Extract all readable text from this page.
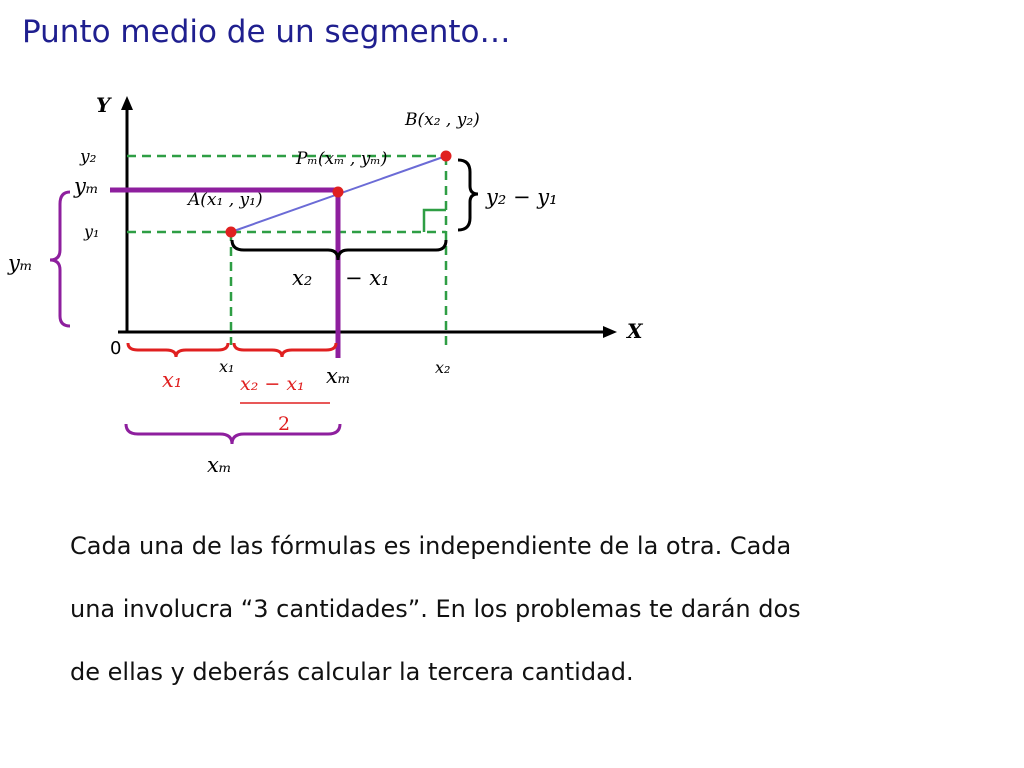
Punto medio de un segmento…
Y
X
0
B(x₂ , y₂)
Pₘ(xₘ , yₘ)
A(x₁ , y₁)
y₂
yₘ
y₁
x₁	xₘ	x₂
y₂ − y₁
x₂ − x₁
yₘ
x₁	x₂ − x₁
2
xₘ
Cada una de las fórmulas es independiente de la otra. Cada
una involucra “3 cantidades”. En los problemas te darán dos
de ellas y deberás calcular la tercera cantidad.
